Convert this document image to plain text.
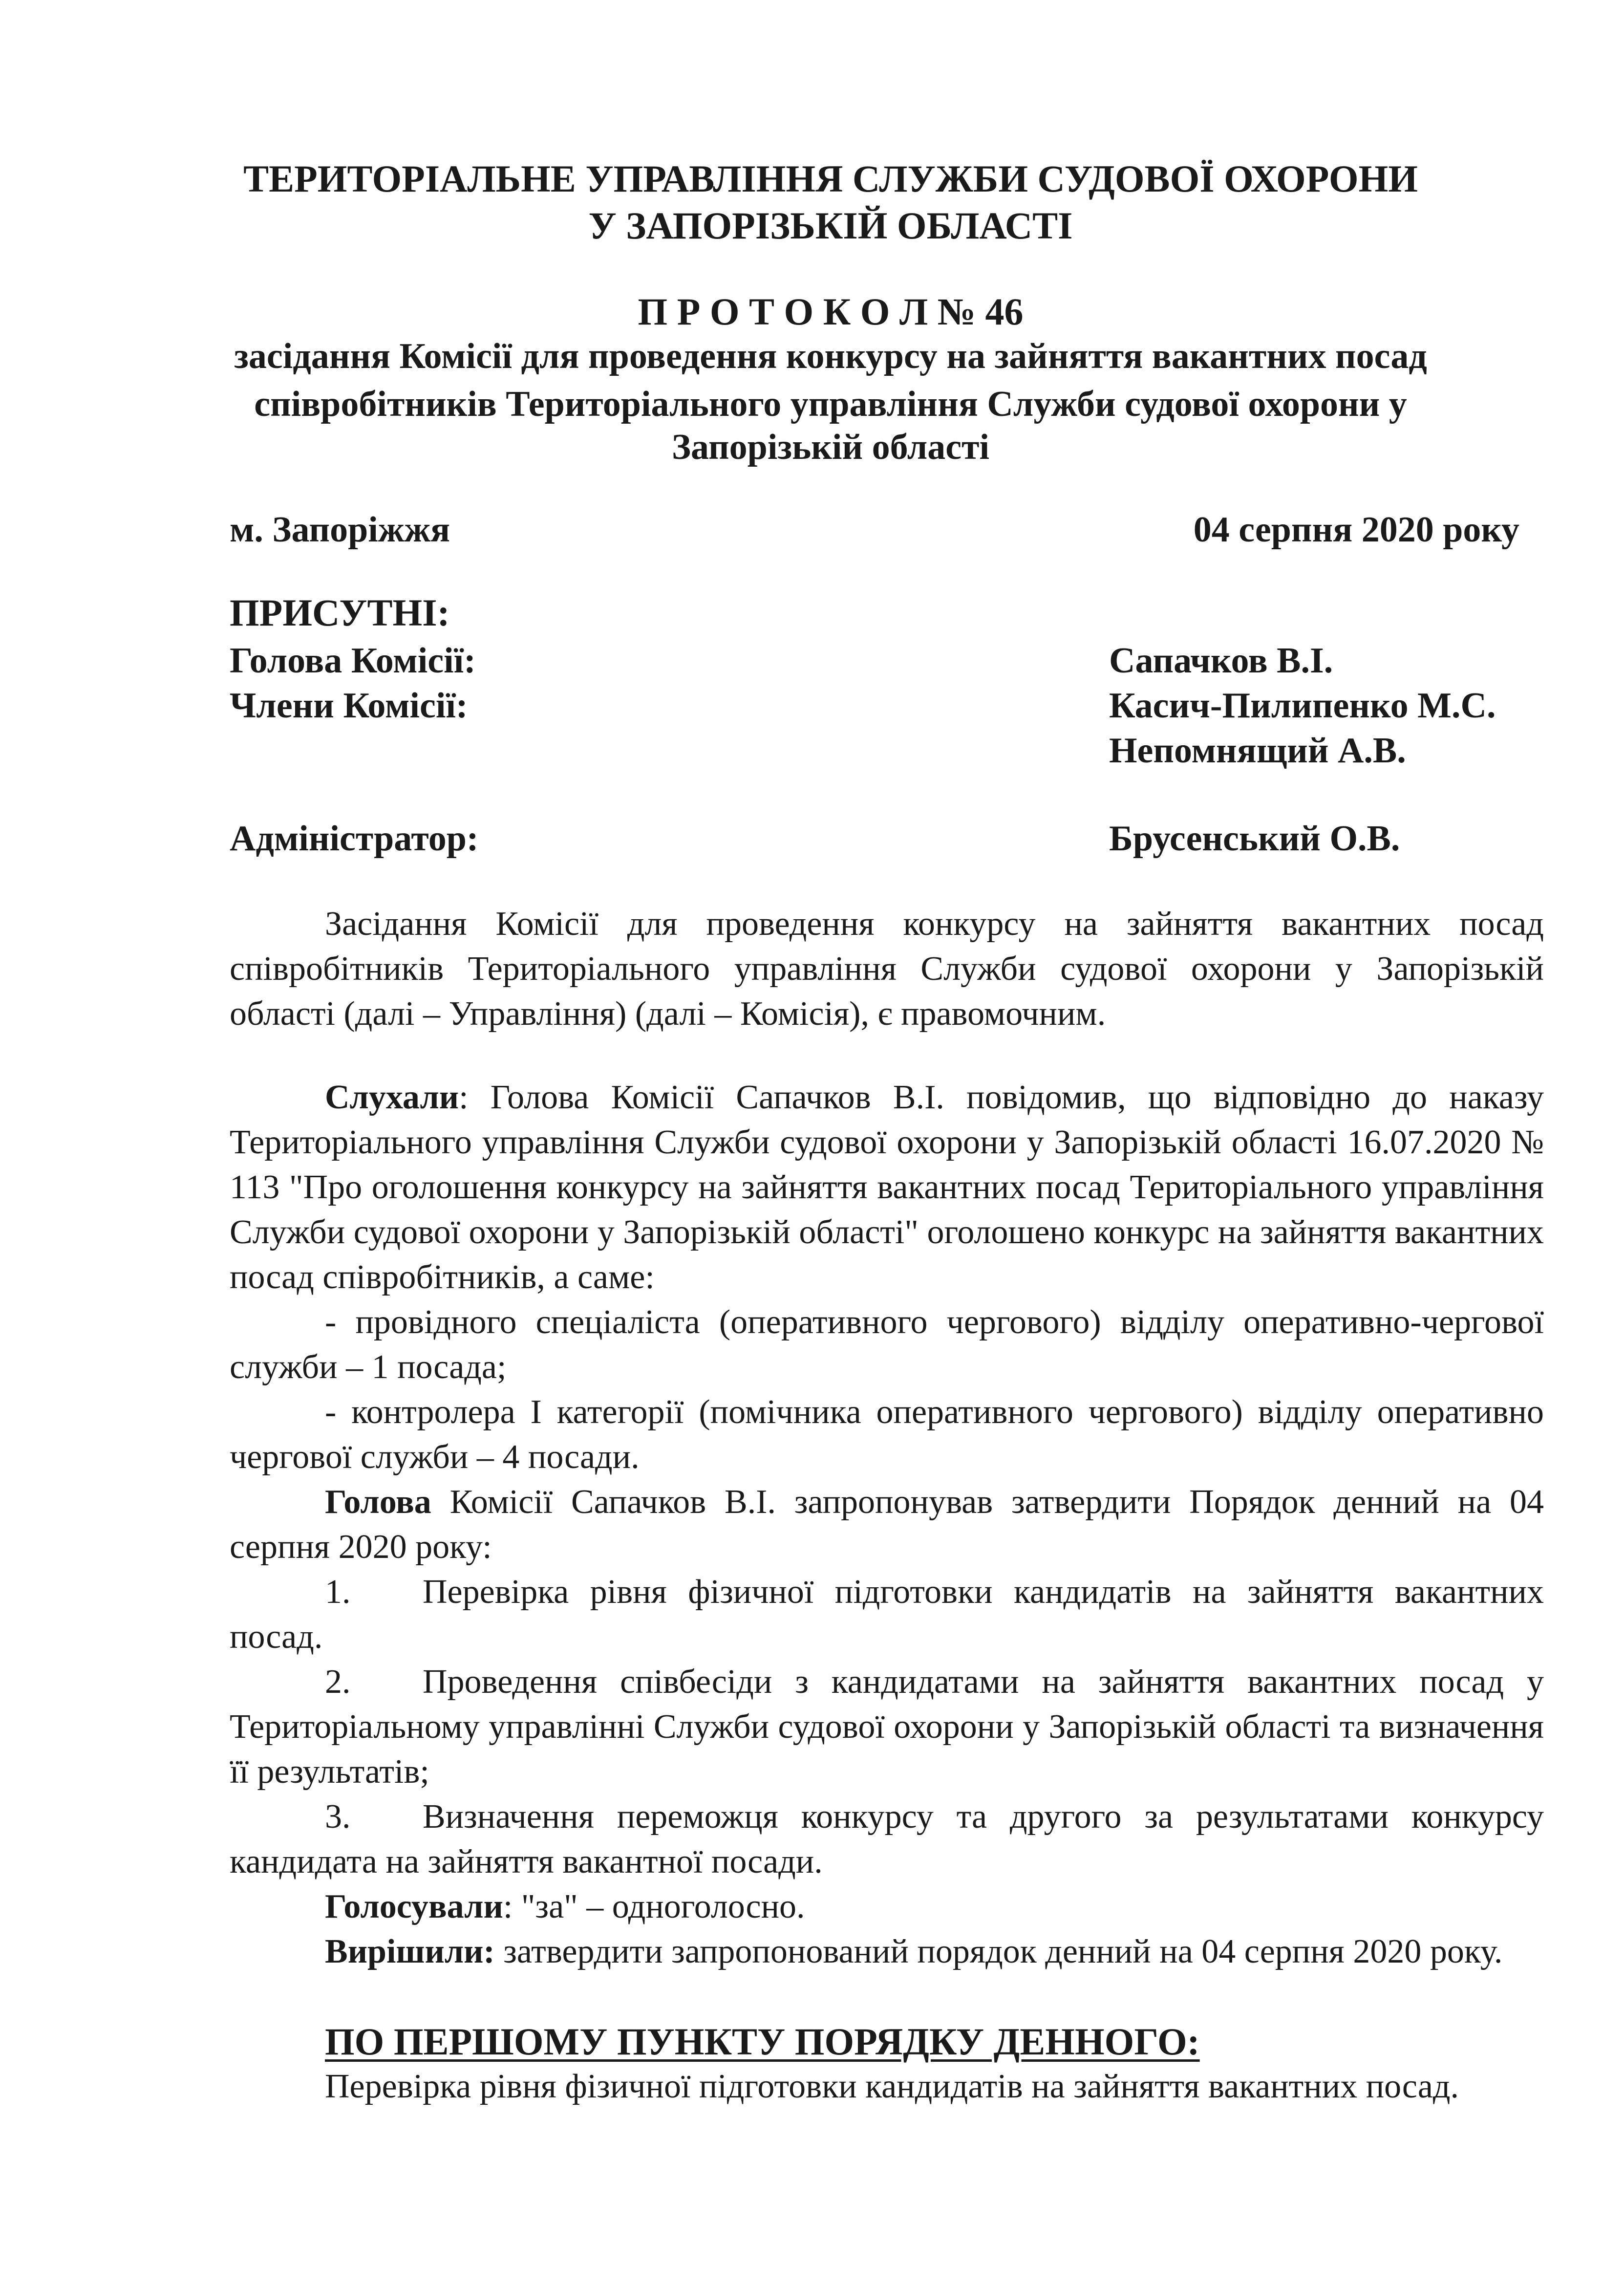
ТЕРИТОРІАЛЬНЕ УПРАВЛІННЯ СЛУЖБИ СУДОВОЇ ОХОРОНИ
У ЗАПОРІЗЬКІЙ ОБЛАСТІ
П Р О Т О К О Л № 46
засідання Комісії для проведення конкурсу на зайняття вакантних посад
співробітників Територіального управління Служби судової охорони у
Запорізькій області
м. Запоріжжя	04 серпня 2020 року
ПРИСУТНІ:
Голова Комісії:	Сапачков В.І.
Члени Комісії:	Касич-Пилипенко М.С.
Непомнящий А.В.
Адміністратор:	Брусенський О.В.
Засідання Комісії для проведення конкурсу на зайняття вакантних посад співробітників Територіального управління Служби судової охорони у Запорізькій області (далі – Управління) (далі – Комісія), є правомочним.
Слухали: Голова Комісії Сапачков В.І. повідомив, що відповідно до наказу Територіального управління Служби судової охорони у Запорізькій області 16.07.2020 № 113 "Про оголошення конкурсу на зайняття вакантних посад Територіального управління Служби судової охорони у Запорізькій області" оголошено конкурс на зайняття вакантних посад співробітників, а саме:
- провідного спеціаліста (оперативного чергового) відділу оперативно-чергової служби – 1 посада;
- контролера І категорії (помічника оперативного чергового) відділу оперативно чергової служби – 4 посади.
Голова Комісії Сапачков В.І. запропонував затвердити Порядок денний на 04 серпня 2020 року:
1. Перевірка рівня фізичної підготовки кандидатів на зайняття вакантних посад.
2. Проведення співбесіди з кандидатами на зайняття вакантних посад у Територіальному управлінні Служби судової охорони у Запорізькій області та визначення її результатів;
3. Визначення переможця конкурсу та другого за результатами конкурсу кандидата на зайняття вакантної посади.
Голосували: "за" – одноголосно.
Вирішили: затвердити запропонований порядок денний на 04 серпня 2020 року.
ПО ПЕРШОМУ ПУНКТУ ПОРЯДКУ ДЕННОГО:
Перевірка рівня фізичної підготовки кандидатів на зайняття вакантних посад.
